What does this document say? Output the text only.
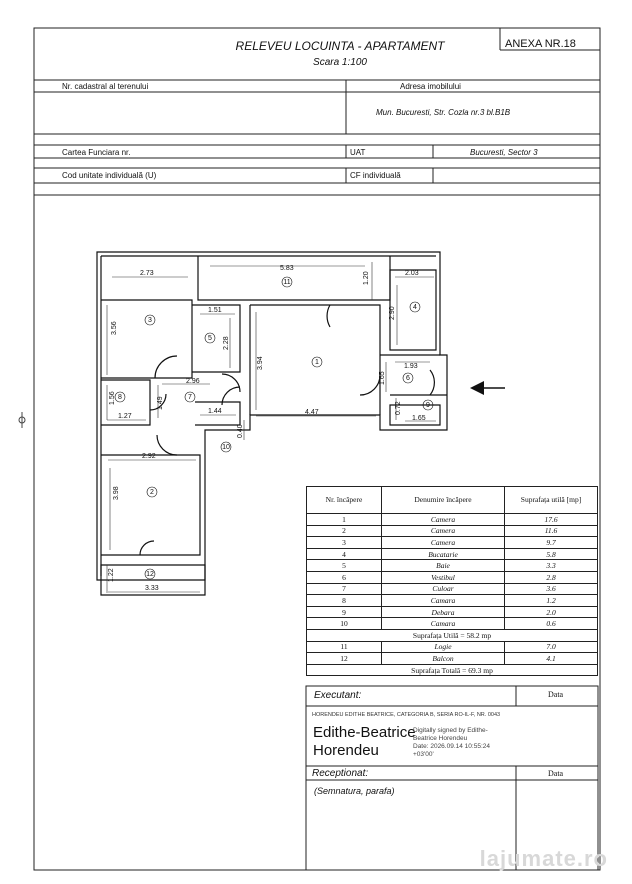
RELEVEU LOCUINTA - APARTAMENT
Scara 1:100
ANEXA NR.18
Nr. cadastral al terenului	Adresa imobilului
Mun. Bucuresti, Str. Cozla nr.3 bl.B1B
Cartea Funciara nr.	UAT	Bucuresti, Sector 3
Cod unitate individuală (U)	CF individuală
2.73
5.83
1.20	2.03
3.56
1.51
2.28
2.90
3.94	1.93
1.65
2.96
1.56	1.49
1.27
1.44
0.40
4.47	0.72
1.65
2.92
3.98
1.22
3.33
1
2
3
4
5
6
7
8
9
10
11
12
Nr. încăpere	Denumire încăpere	Suprafața utilă [mp]
1	Camera	17.6
2	Camera	11.6
3	Camera	9.7
4	Bucatarie	5.8
5	Baie	3.3
6	Vestibul	2.8
7	Culoar	3.6
8	Camara	1.2
9	Debara	2.0
10	Camara	0.6
Suprafața Utilă = 58.2 mp		
11	Logie	7.0
12	Balcon	4.1
Suprafața Totală = 69.3 mp		
Executant:	Data
HORENDEU EDITHE BEATRICE, CATEGORIA B, SERIA RO-IL-F, NR. 0043
Edithe-Beatrice
Horendeu
Digitally signed by Edithe-
Beatrice Horendeu
Date: 2026.09.14 10:55:24
+03'00'
Receptionat:	Data
(Semnatura, parafa)
lajumate.ro
